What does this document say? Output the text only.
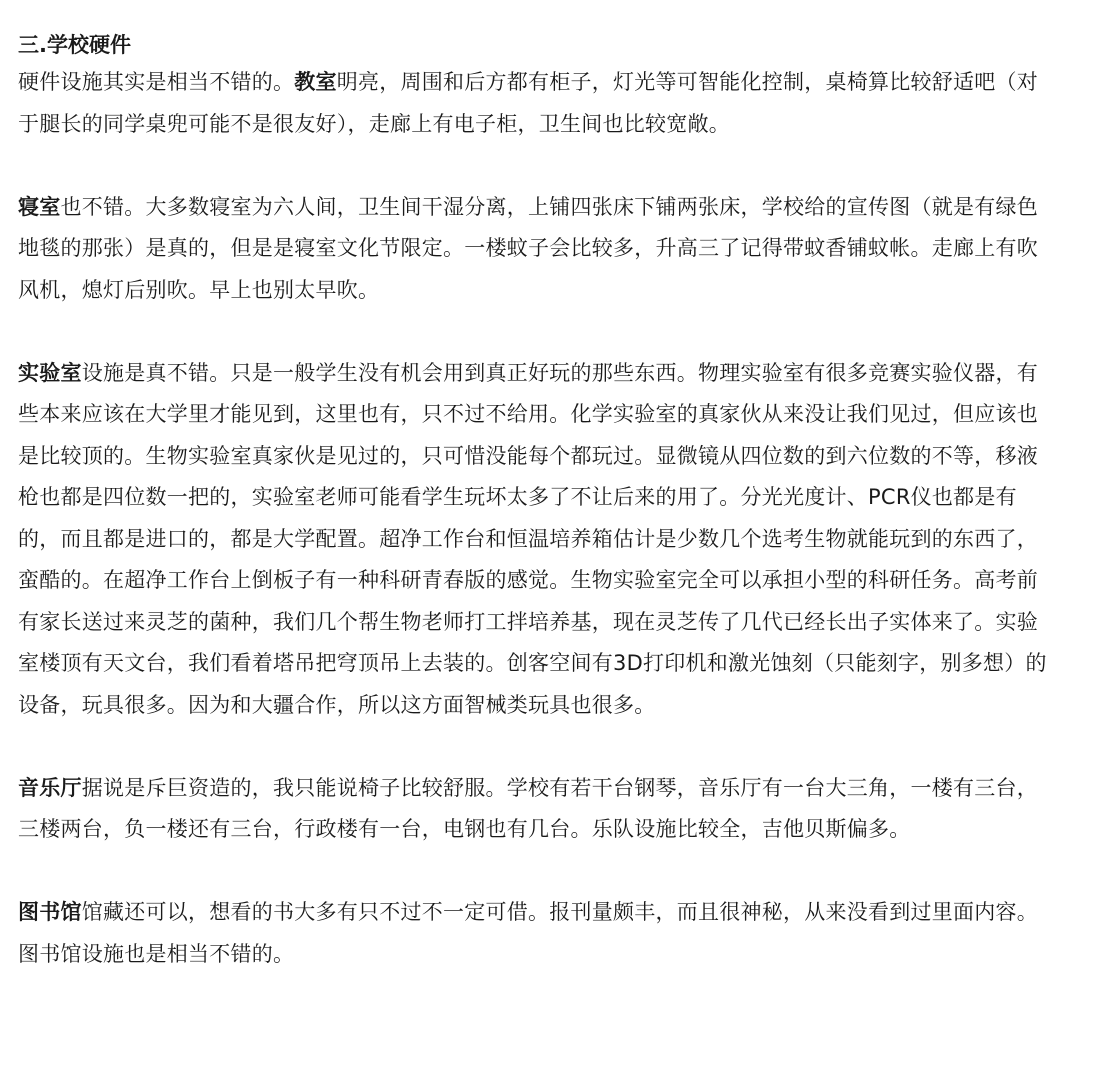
三.学校硬件

硬件设施其实是相当不错的。教室明亮，周围和后方都有柜子，灯光等可智能化控制，桌椅算比较舒适吧（对于腿长的同学桌兜可能不是很友好），走廊上有电子柜，卫生间也比较宽敞。

寝室也不错。大多数寝室为六人间，卫生间干湿分离，上铺四张床下铺两张床，学校给的宣传图（就是有绿色地毯的那张）是真的，但是是寝室文化节限定。一楼蚊子会比较多，升高三了记得带蚊香铺蚊帐。走廊上有吹风机，熄灯后别吹。早上也别太早吹。

实验室设施是真不错。只是一般学生没有机会用到真正好玩的那些东西。物理实验室有很多竞赛实验仪器，有些本来应该在大学里才能见到，这里也有，只不过不给用。化学实验室的真家伙从来没让我们见过，但应该也是比较顶的。生物实验室真家伙是见过的，只可惜没能每个都玩过。显微镜从四位数的到六位数的不等，移液枪也都是四位数一把的，实验室老师可能看学生玩坏太多了不让后来的用了。分光光度计、PCR仪也都是有的，而且都是进口的，都是大学配置。超净工作台和恒温培养箱估计是少数几个选考生物就能玩到的东西了，蛮酷的。在超净工作台上倒板子有一种科研青春版的感觉。生物实验室完全可以承担小型的科研任务。高考前有家长送过来灵芝的菌种，我们几个帮生物老师打工拌培养基，现在灵芝传了几代已经长出子实体来了。实验室楼顶有天文台，我们看着塔吊把穹顶吊上去装的。创客空间有3D打印机和激光蚀刻（只能刻字，别多想）的设备，玩具很多。因为和大疆合作，所以这方面智械类玩具也很多。

音乐厅据说是斥巨资造的，我只能说椅子比较舒服。学校有若干台钢琴，音乐厅有一台大三角，一楼有三台，三楼两台，负一楼还有三台，行政楼有一台，电钢也有几台。乐队设施比较全，吉他贝斯偏多。

图书馆馆藏还可以，想看的书大多有只不过不一定可借。报刊量颇丰，而且很神秘，从来没看到过里面内容。图书馆设施也是相当不错的。
